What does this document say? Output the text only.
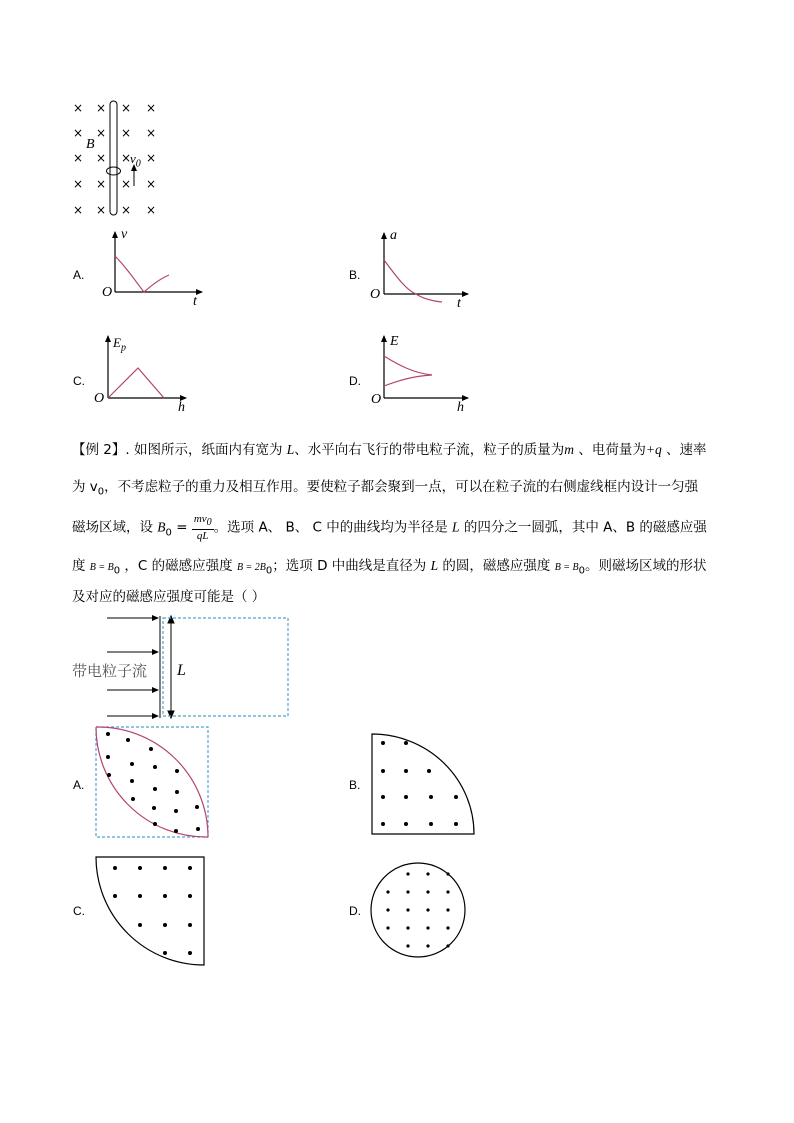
× × × ×
× × × ×
× × × ×
× × × ×
× × × ×
B
$v_0$
A.
v
t
O
B.
a
t
O
C.
$E_p$
h
O
D.
E
h
O
【例 2】. 如图所示，纸面内有宽为 L、水平向右飞行的带电粒子流，粒子的质量为m 、电荷量为+q 、速率
为 $v_0$，不考虑粒子的重力及相互作用。要使粒子都会聚到一点，可以在粒子流的右侧虚线框内设计一匀强
磁场区域，设 $B_0 = \frac{mv_0}{qL}$ 。选项 A、 B、 C 中的曲线均为半径是 L 的四分之一圆弧，其中 A、B 的磁感应强
度 $B = B_0$ ，C 的磁感应强度 $B = 2B_0$；选项 D 中曲线是直径为 L 的圆，磁感应强度 $B = B_0$。则磁场区域的形状
及对应的磁感应强度可能是（ ）
带电粒子流 L
A.	B.
C.	D.
